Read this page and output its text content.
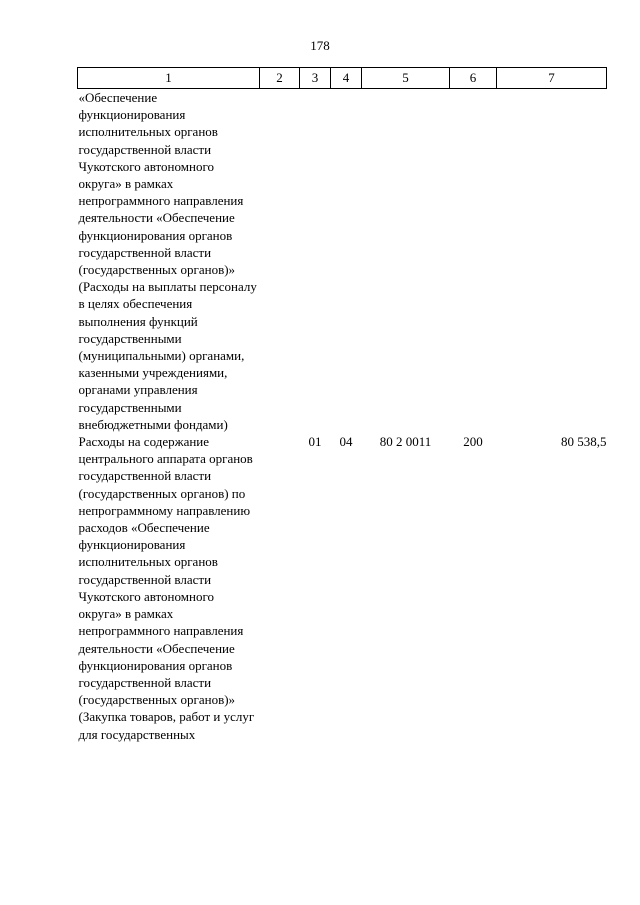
178
1	2	3	4	5	6	7
«Обеспечение функционирования исполнительных органов государственной власти Чукотского автономного округа» в рамках непрограммного направления деятельности «Обеспечение функционирования органов государственной власти (государственных органов)» (Расходы на выплаты персоналу в целях обеспечения выполнения функций государственными (муниципальными) органами, казенными учреждениями, органами управления государственными внебюджетными фондами)						
Расходы на содержание центрального аппарата органов государственной власти (государственных органов) по непрограммному направлению расходов «Обеспечение функционирования исполнительных органов государственной власти Чукотского автономного округа» в рамках непрограммного направления деятельности «Обеспечение функционирования органов государственной власти (государственных органов)» (Закупка товаров, работ и услуг для государственных		01	04	80 2 0011	200	80 538,5
